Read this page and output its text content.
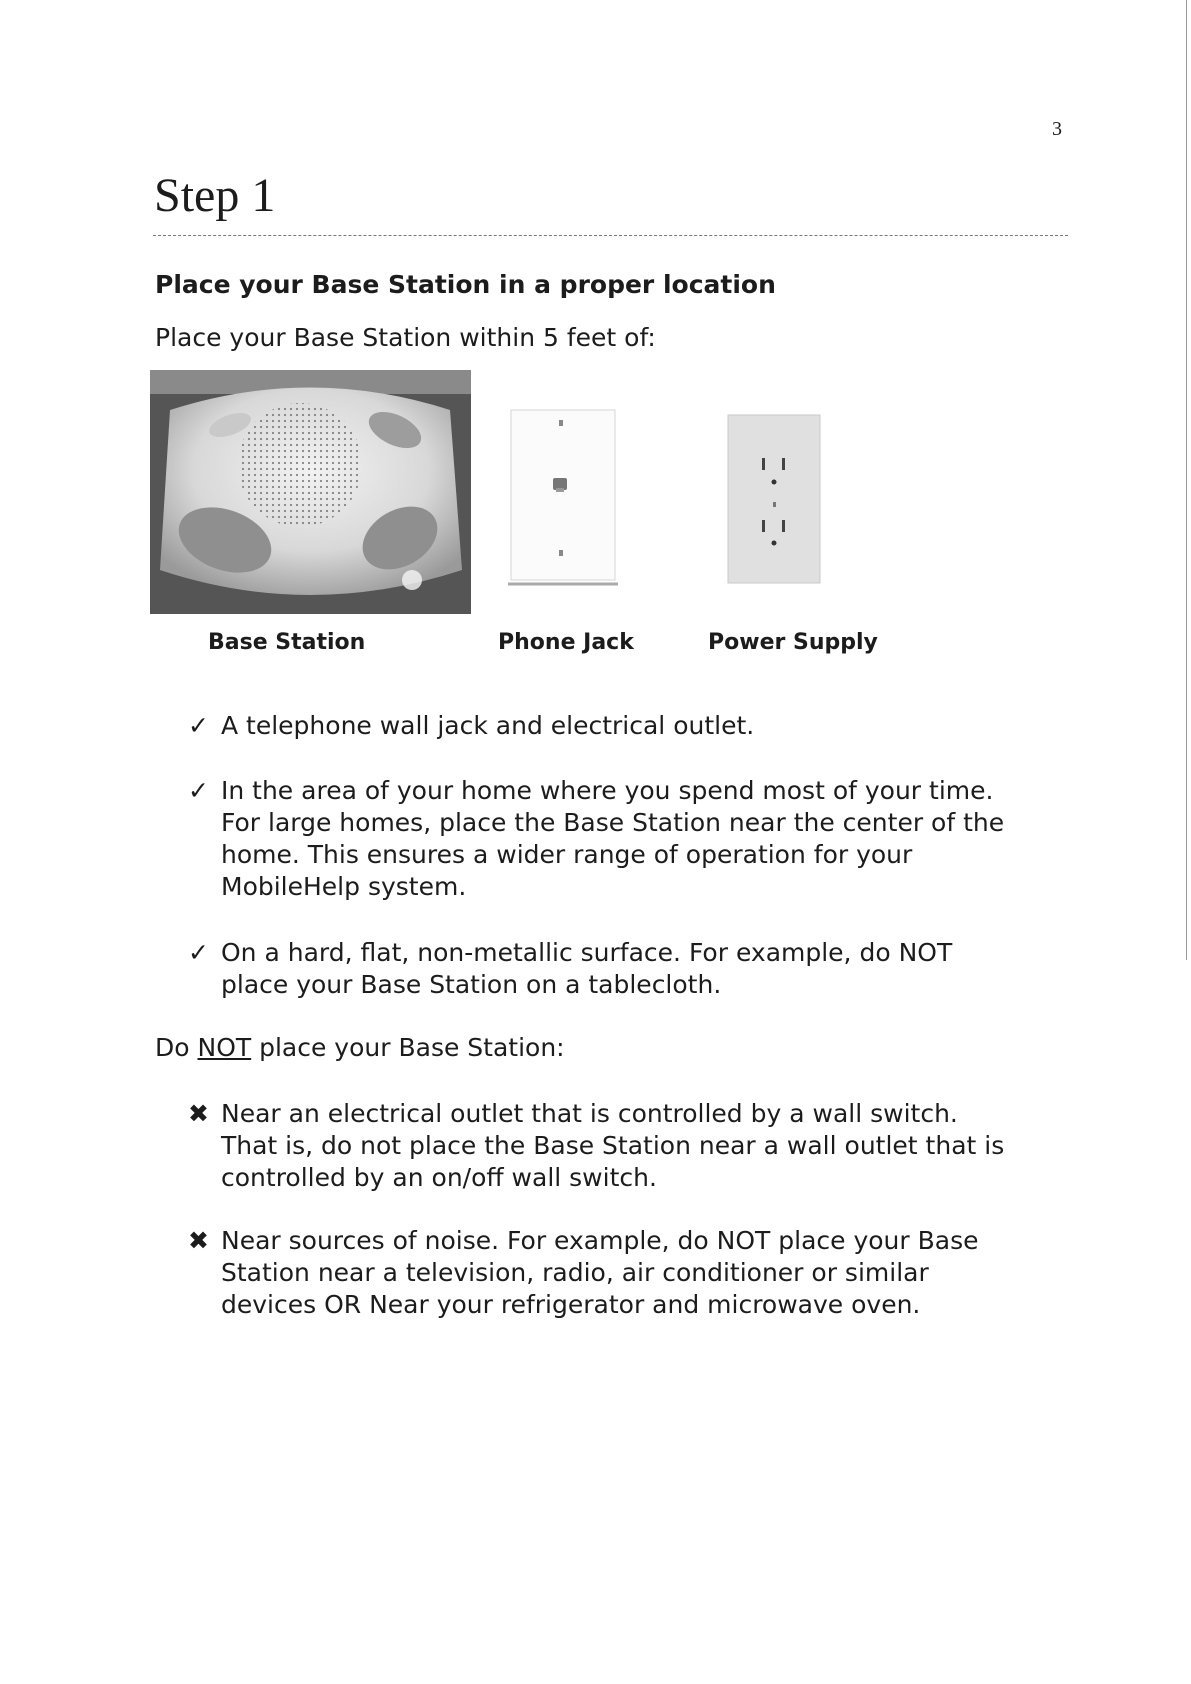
3
Step 1
Place your Base Station in a proper location

Place your Base Station within 5 feet of:

Base Station	Phone Jack	Power Supply
✓ A telephone wall jack and electrical outlet.
✓ In the area of your home where you spend most of your time.
For large homes, place the Base Station near the center of the
home. This ensures a wider range of operation for your
MobileHelp system.
✓ On a hard, flat, non-metallic surface. For example, do NOT
place your Base Station on a tablecloth.
Do NOT place your Base Station:
✖ Near an electrical outlet that is controlled by a wall switch.
That is, do not place the Base Station near a wall outlet that is
controlled by an on/off wall switch.
✖ Near sources of noise. For example, do NOT place your Base
Station near a television, radio, air conditioner or similar
devices OR Near your refrigerator and microwave oven.
